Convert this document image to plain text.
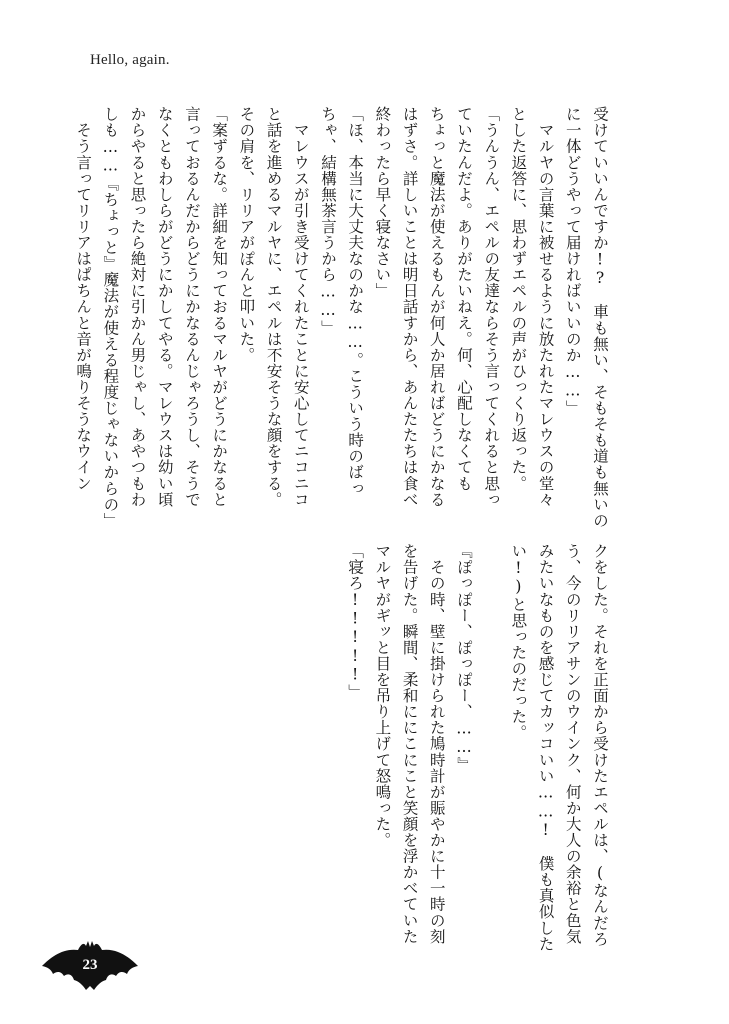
Hello, again.

受けていいんですか!?　車も無い、そもそも道も無いの

に一体どうやって届ければいいのか……」

　マルヤの言葉に被せるように放たれたマレウスの堂々

とした返答に、思わずエペルの声がひっくり返った。

「うんうん、エペルの友達ならそう言ってくれると思っ

ていたんだよ。ありがたいねえ。何、心配しなくても

ちょっと魔法が使えるもんが何人か居ればどうにかなる

はずさ。詳しいことは明日話すから、あんたたちは食べ

終わったら早く寝なさい」

「ほ、本当に大丈夫なのかな……。こういう時のばっ

ちゃ、結構無茶言うから……」

　マレウスが引き受けてくれたことに安心してニコニコ

と話を進めるマルヤに、エペルは不安そうな顔をする。

その肩を、リリアがぽんと叩いた。

「案ずるな。詳細を知っておるマルヤがどうにかなると

言っておるんだからどうにかなるんじゃろうし、そうで

なくともわしらがどうにかしてやる。マレウスは幼い頃

からやると思ったら絶対に引かん男じゃし、あやつもわ

しも……『ちょっと』魔法が使える程度じゃないからの」

　そう言ってリリアはぱちんと音が鳴りそうなウイン

クをした。それを正面から受けたエペルは、(なんだろ

う、今のリリアサンのウインク、何か大人の余裕と色気

みたいなものを感じてカッコいい……!　僕も真似した

い!)と思ったのだった。

『ぽっぽー、ぽっぽー、……』

　その時、壁に掛けられた鳩時計が賑やかに十一時の刻

を告げた。瞬間、柔和ににこにこと笑顔を浮かべていた

マルヤがギッと目を吊り上げて怒鳴った。

「寝ろ!!!!!」

23
